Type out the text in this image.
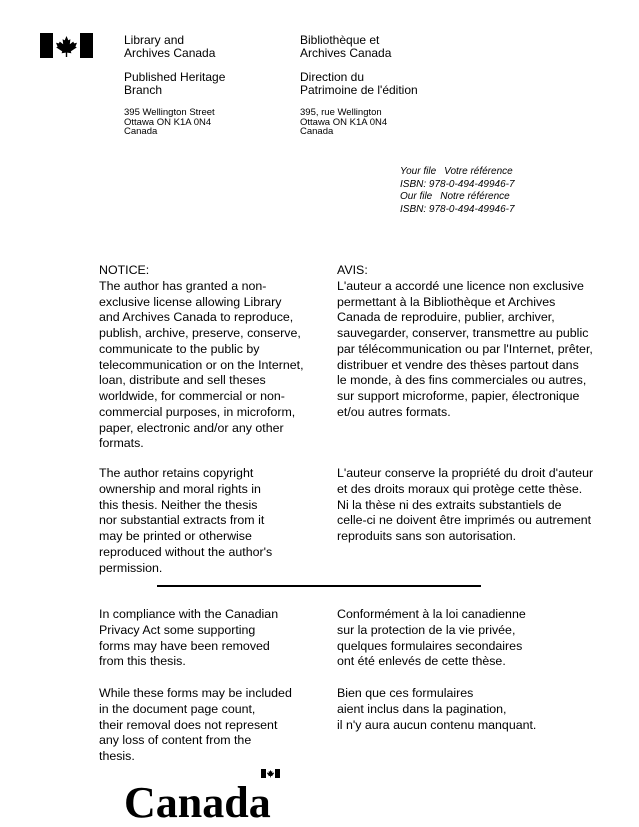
Library and
Archives Canada
Published Heritage
Branch
395 Wellington Street
Ottawa ON K1A 0N4
Canada
Bibliothèque et
Archives Canada
Direction du
Patrimoine de l'édition
395, rue Wellington
Ottawa ON K1A 0N4
Canada
Your file Votre référence
ISBN: 978-0-494-49946-7
Our file Notre référence
ISBN: 978-0-494-49946-7
NOTICE:
The author has granted a non-
exclusive license allowing Library
and Archives Canada to reproduce,
publish, archive, preserve, conserve,
communicate to the public by
telecommunication or on the Internet,
loan, distribute and sell theses
worldwide, for commercial or non-
commercial purposes, in microform,
paper, electronic and/or any other
formats.
AVIS:
L'auteur a accordé une licence non exclusive
permettant à la Bibliothèque et Archives
Canada de reproduire, publier, archiver,
sauvegarder, conserver, transmettre au public
par télécommunication ou par l'Internet, prêter,
distribuer et vendre des thèses partout dans
le monde, à des fins commerciales ou autres,
sur support microforme, papier, électronique
et/ou autres formats.
The author retains copyright
ownership and moral rights in
this thesis. Neither the thesis
nor substantial extracts from it
may be printed or otherwise
reproduced without the author's
permission.
L'auteur conserve la propriété du droit d'auteur
et des droits moraux qui protège cette thèse.
Ni la thèse ni des extraits substantiels de
celle-ci ne doivent être imprimés ou autrement
reproduits sans son autorisation.
In compliance with the Canadian
Privacy Act some supporting
forms may have been removed
from this thesis.
Conformément à la loi canadienne
sur la protection de la vie privée,
quelques formulaires secondaires
ont été enlevés de cette thèse.
While these forms may be included
in the document page count,
their removal does not represent
any loss of content from the
thesis.
Bien que ces formulaires
aient inclus dans la pagination,
il n'y aura aucun contenu manquant.
Canada
